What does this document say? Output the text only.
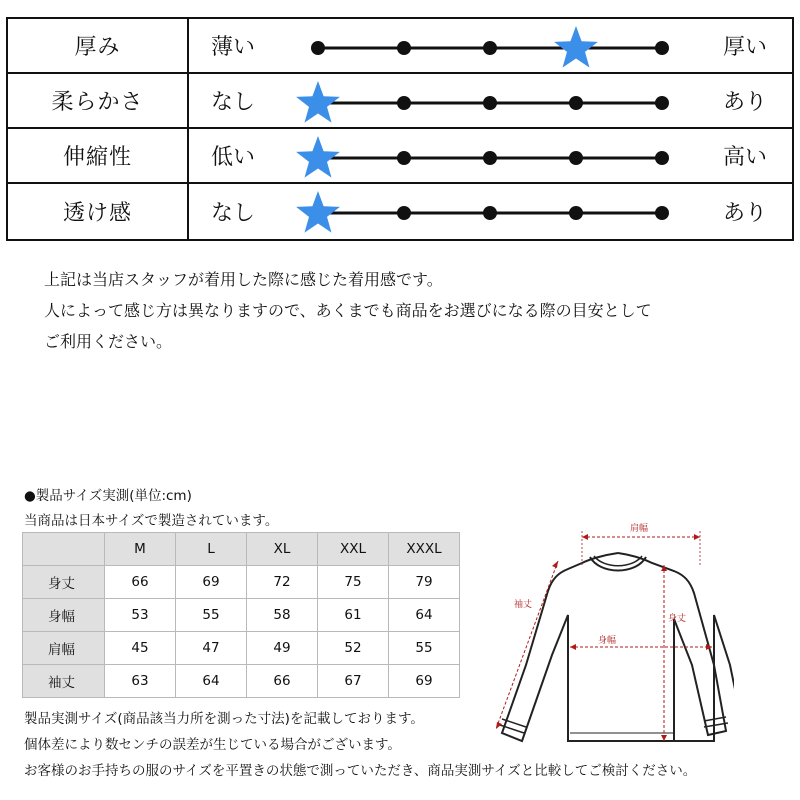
厚み	薄い	厚い
柔らかさ	なし	あり
伸縮性	低い	高い
透け感	なし	あり

上記は当店スタッフが着用した際に感じた着用感です。

人によって感じ方は異なりますので、あくまでも商品をお選びになる際の目安として

ご利用ください。

●製品サイズ実測(単位:cm)
当商品は日本サイズで製造されています。
	M	L	XL	XXL	XXXL
身丈	66	69	72	75	79
身幅	53	55	58	61	64
肩幅	45	47	49	52	55
袖丈	63	64	66	67	69

製品実測サイズ(商品該当力所を測った寸法)を記載しております。

個体差により数センチの誤差が生じている場合がございます。

お客様のお手持ちの服のサイズを平置きの状態で測っていただき、商品実測サイズと比較してご検討ください。

肩幅
袖丈
身丈
身幅
